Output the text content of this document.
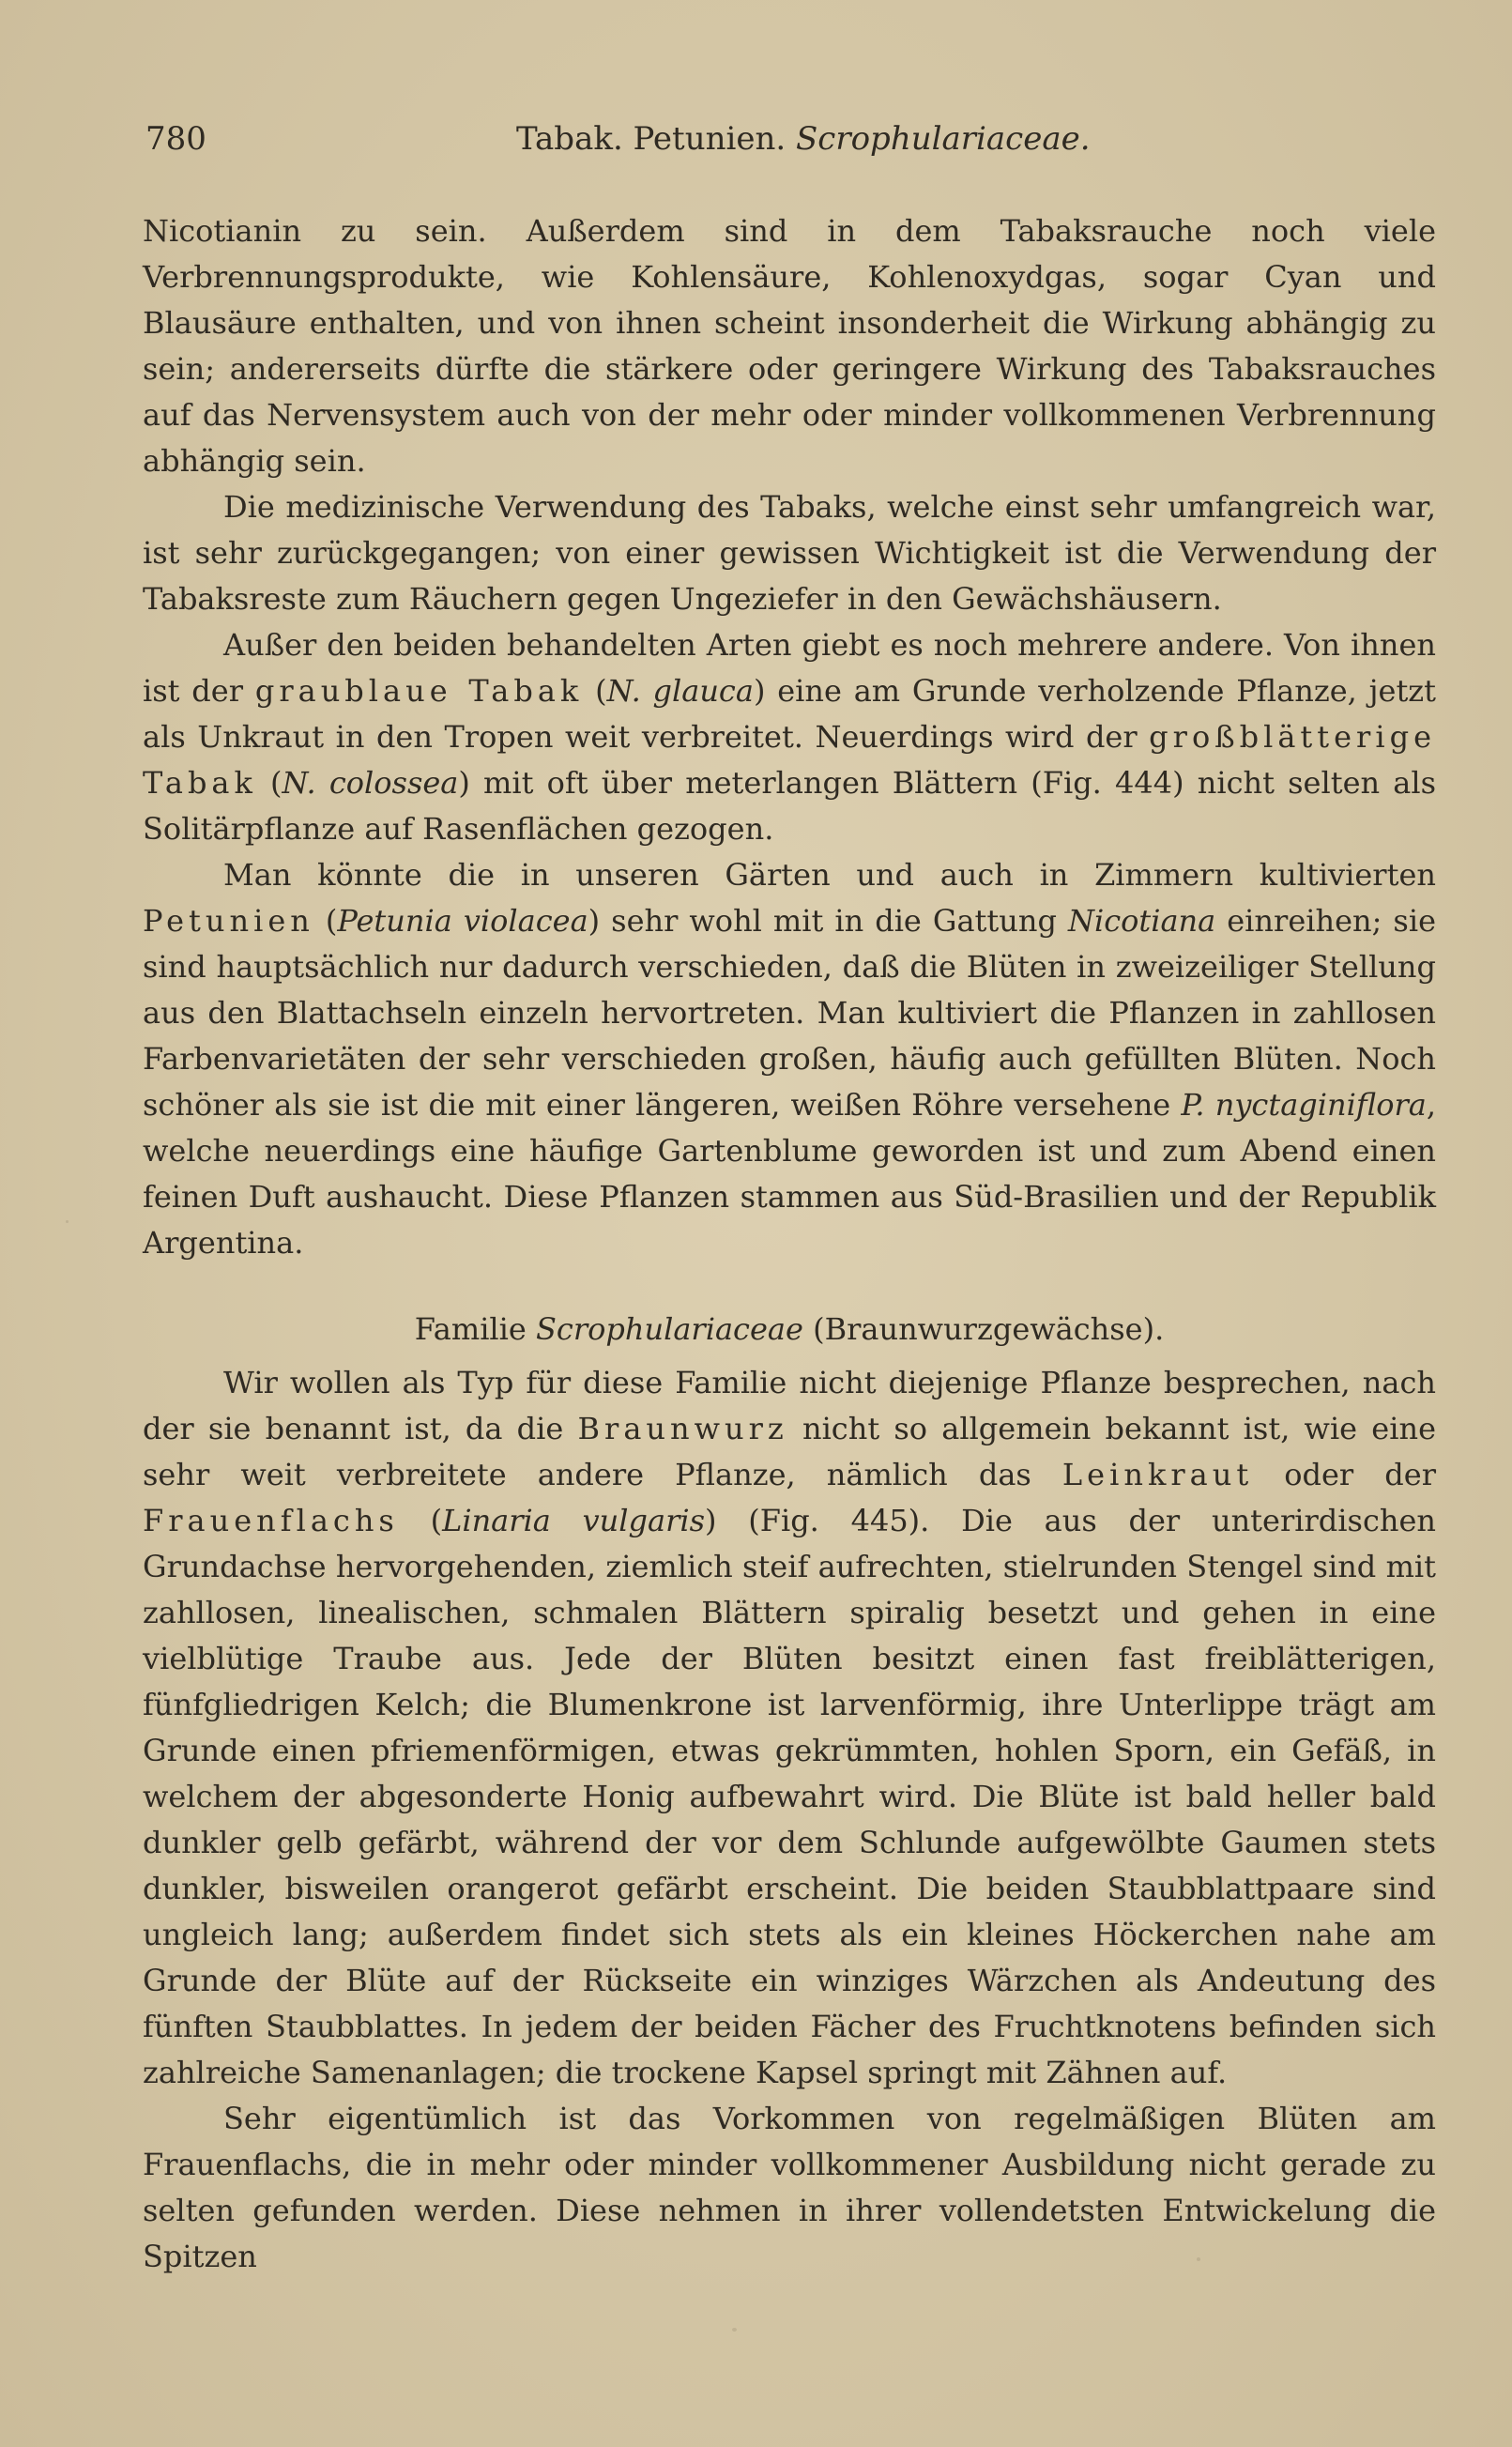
780	Tabak. Petunien. Scrophulariaceae.

Nicotianin zu sein. Außerdem sind in dem Tabaksrauche noch viele Verbrennungsprodukte, wie Kohlensäure, Kohlenoxydgas, sogar Cyan und Blausäure enthalten, und von ihnen scheint insonderheit die Wirkung abhängig zu sein; andererseits dürfte die stärkere oder geringere Wirkung des Tabaksrauches auf das Nervensystem auch von der mehr oder minder vollkommenen Verbrennung abhängig sein.

Die medizinische Verwendung des Tabaks, welche einst sehr umfangreich war, ist sehr zurückgegangen; von einer gewissen Wichtigkeit ist die Verwendung der Tabaksreste zum Räuchern gegen Ungeziefer in den Gewächshäusern.

Außer den beiden behandelten Arten giebt es noch mehrere andere. Von ihnen ist der graublaue Tabak (N. glauca) eine am Grunde verholzende Pflanze, jetzt als Unkraut in den Tropen weit verbreitet. Neuerdings wird der großblätterige Tabak (N. colossea) mit oft über meterlangen Blättern (Fig. 444) nicht selten als Solitärpflanze auf Rasenflächen gezogen.

Man könnte die in unseren Gärten und auch in Zimmern kultivierten Petunien (Petunia violacea) sehr wohl mit in die Gattung Nicotiana einreihen; sie sind hauptsächlich nur dadurch verschieden, daß die Blüten in zweizeiliger Stellung aus den Blattachseln einzeln hervortreten. Man kultiviert die Pflanzen in zahllosen Farbenvarietäten der sehr verschieden großen, häufig auch gefüllten Blüten. Noch schöner als sie ist die mit einer längeren, weißen Röhre versehene P. nyctaginiflora, welche neuerdings eine häufige Gartenblume geworden ist und zum Abend einen feinen Duft aushaucht. Diese Pflanzen stammen aus Süd-Brasilien und der Republik Argentina.

Familie Scrophulariaceae (Braunwurzgewächse).

Wir wollen als Typ für diese Familie nicht diejenige Pflanze besprechen, nach der sie benannt ist, da die Braunwurz nicht so allgemein bekannt ist, wie eine sehr weit verbreitete andere Pflanze, nämlich das Leinkraut oder der Frauenflachs (Linaria vulgaris) (Fig. 445). Die aus der unterirdischen Grundachse hervorgehenden, ziemlich steif aufrechten, stielrunden Stengel sind mit zahllosen, linealischen, schmalen Blättern spiralig besetzt und gehen in eine vielblütige Traube aus. Jede der Blüten besitzt einen fast freiblätterigen, fünfgliedrigen Kelch; die Blumenkrone ist larvenförmig, ihre Unterlippe trägt am Grunde einen pfriemenförmigen, etwas gekrümmten, hohlen Sporn, ein Gefäß, in welchem der abgesonderte Honig aufbewahrt wird. Die Blüte ist bald heller bald dunkler gelb gefärbt, während der vor dem Schlunde aufgewölbte Gaumen stets dunkler, bisweilen orangerot gefärbt erscheint. Die beiden Staubblattpaare sind ungleich lang; außerdem findet sich stets als ein kleines Höckerchen nahe am Grunde der Blüte auf der Rückseite ein winziges Wärzchen als Andeutung des fünften Staubblattes. In jedem der beiden Fächer des Fruchtknotens befinden sich zahlreiche Samenanlagen; die trockene Kapsel springt mit Zähnen auf.

Sehr eigentümlich ist das Vorkommen von regelmäßigen Blüten am Frauenflachs, die in mehr oder minder vollkommener Ausbildung nicht gerade zu selten gefunden werden. Diese nehmen in ihrer vollendetsten Entwickelung die Spitzen
